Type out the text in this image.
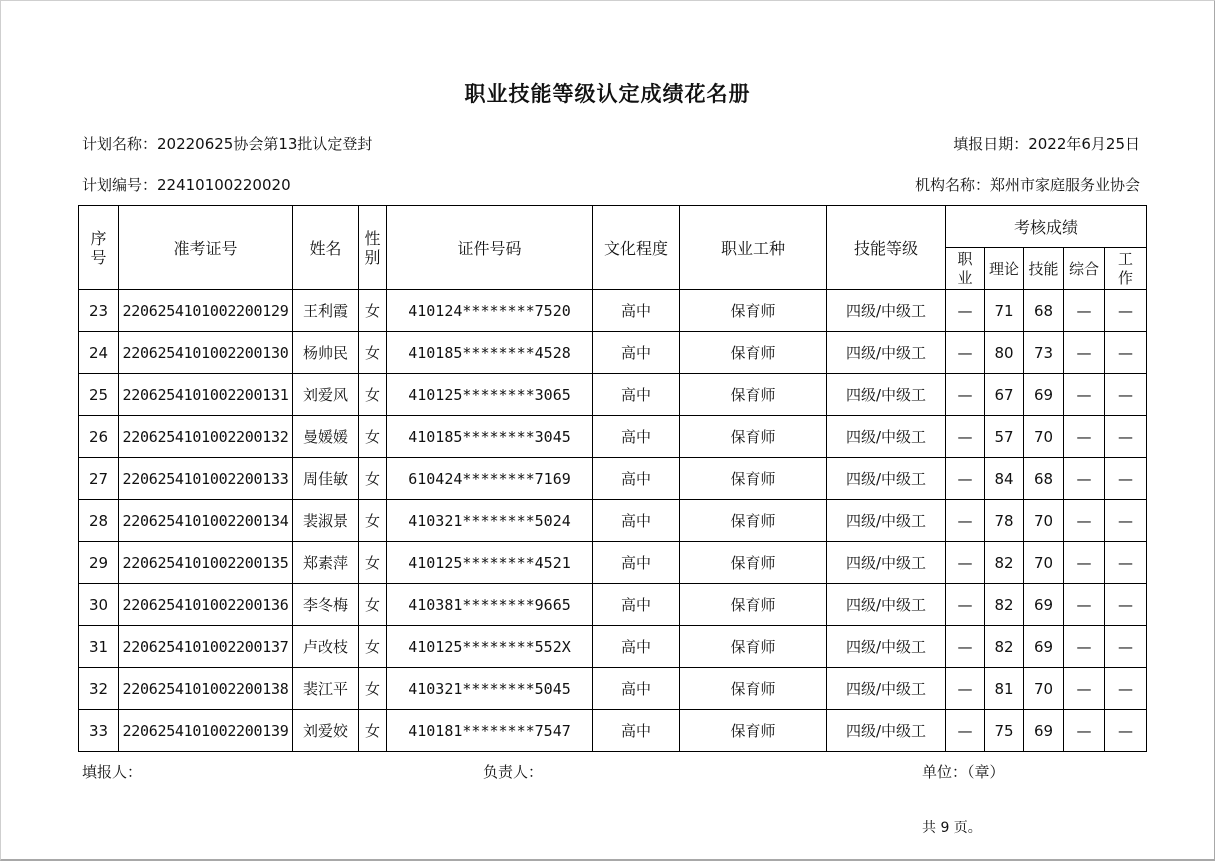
职业技能等级认定成绩花名册
计划名称：20220625协会第13批认定登封	填报日期：2022年6月25日
计划编号：22410100220020	机构名称：郑州市家庭服务业协会
序号	准考证号	姓名	性别	证件号码	文化程度	职业工种	技能等级	考核成绩				

								职业	理论	技能	综合	工作

23	2206254101002200129	王利霞	女	410124********7520	高中	保育师	四级/中级工	—	71	68	—	—
24	2206254101002200130	杨帅民	女	410185********4528	高中	保育师	四级/中级工	—	80	73	—	—
25	2206254101002200131	刘爱风	女	410125********3065	高中	保育师	四级/中级工	—	67	69	—	—
26	2206254101002200132	曼媛媛	女	410185********3045	高中	保育师	四级/中级工	—	57	70	—	—
27	2206254101002200133	周佳敏	女	610424********7169	高中	保育师	四级/中级工	—	84	68	—	—
28	2206254101002200134	裴淑景	女	410321********5024	高中	保育师	四级/中级工	—	78	70	—	—
29	2206254101002200135	郑素萍	女	410125********4521	高中	保育师	四级/中级工	—	82	70	—	—
30	2206254101002200136	李冬梅	女	410381********9665	高中	保育师	四级/中级工	—	82	69	—	—
31	2206254101002200137	卢改枝	女	410125********552X	高中	保育师	四级/中级工	—	82	69	—	—
32	2206254101002200138	裴江平	女	410321********5045	高中	保育师	四级/中级工	—	81	70	—	—
33	2206254101002200139	刘爱姣	女	410181********7547	高中	保育师	四级/中级工	—	75	69	—	—
填报人：	负责人：	单位：（章）
共 9 页。
